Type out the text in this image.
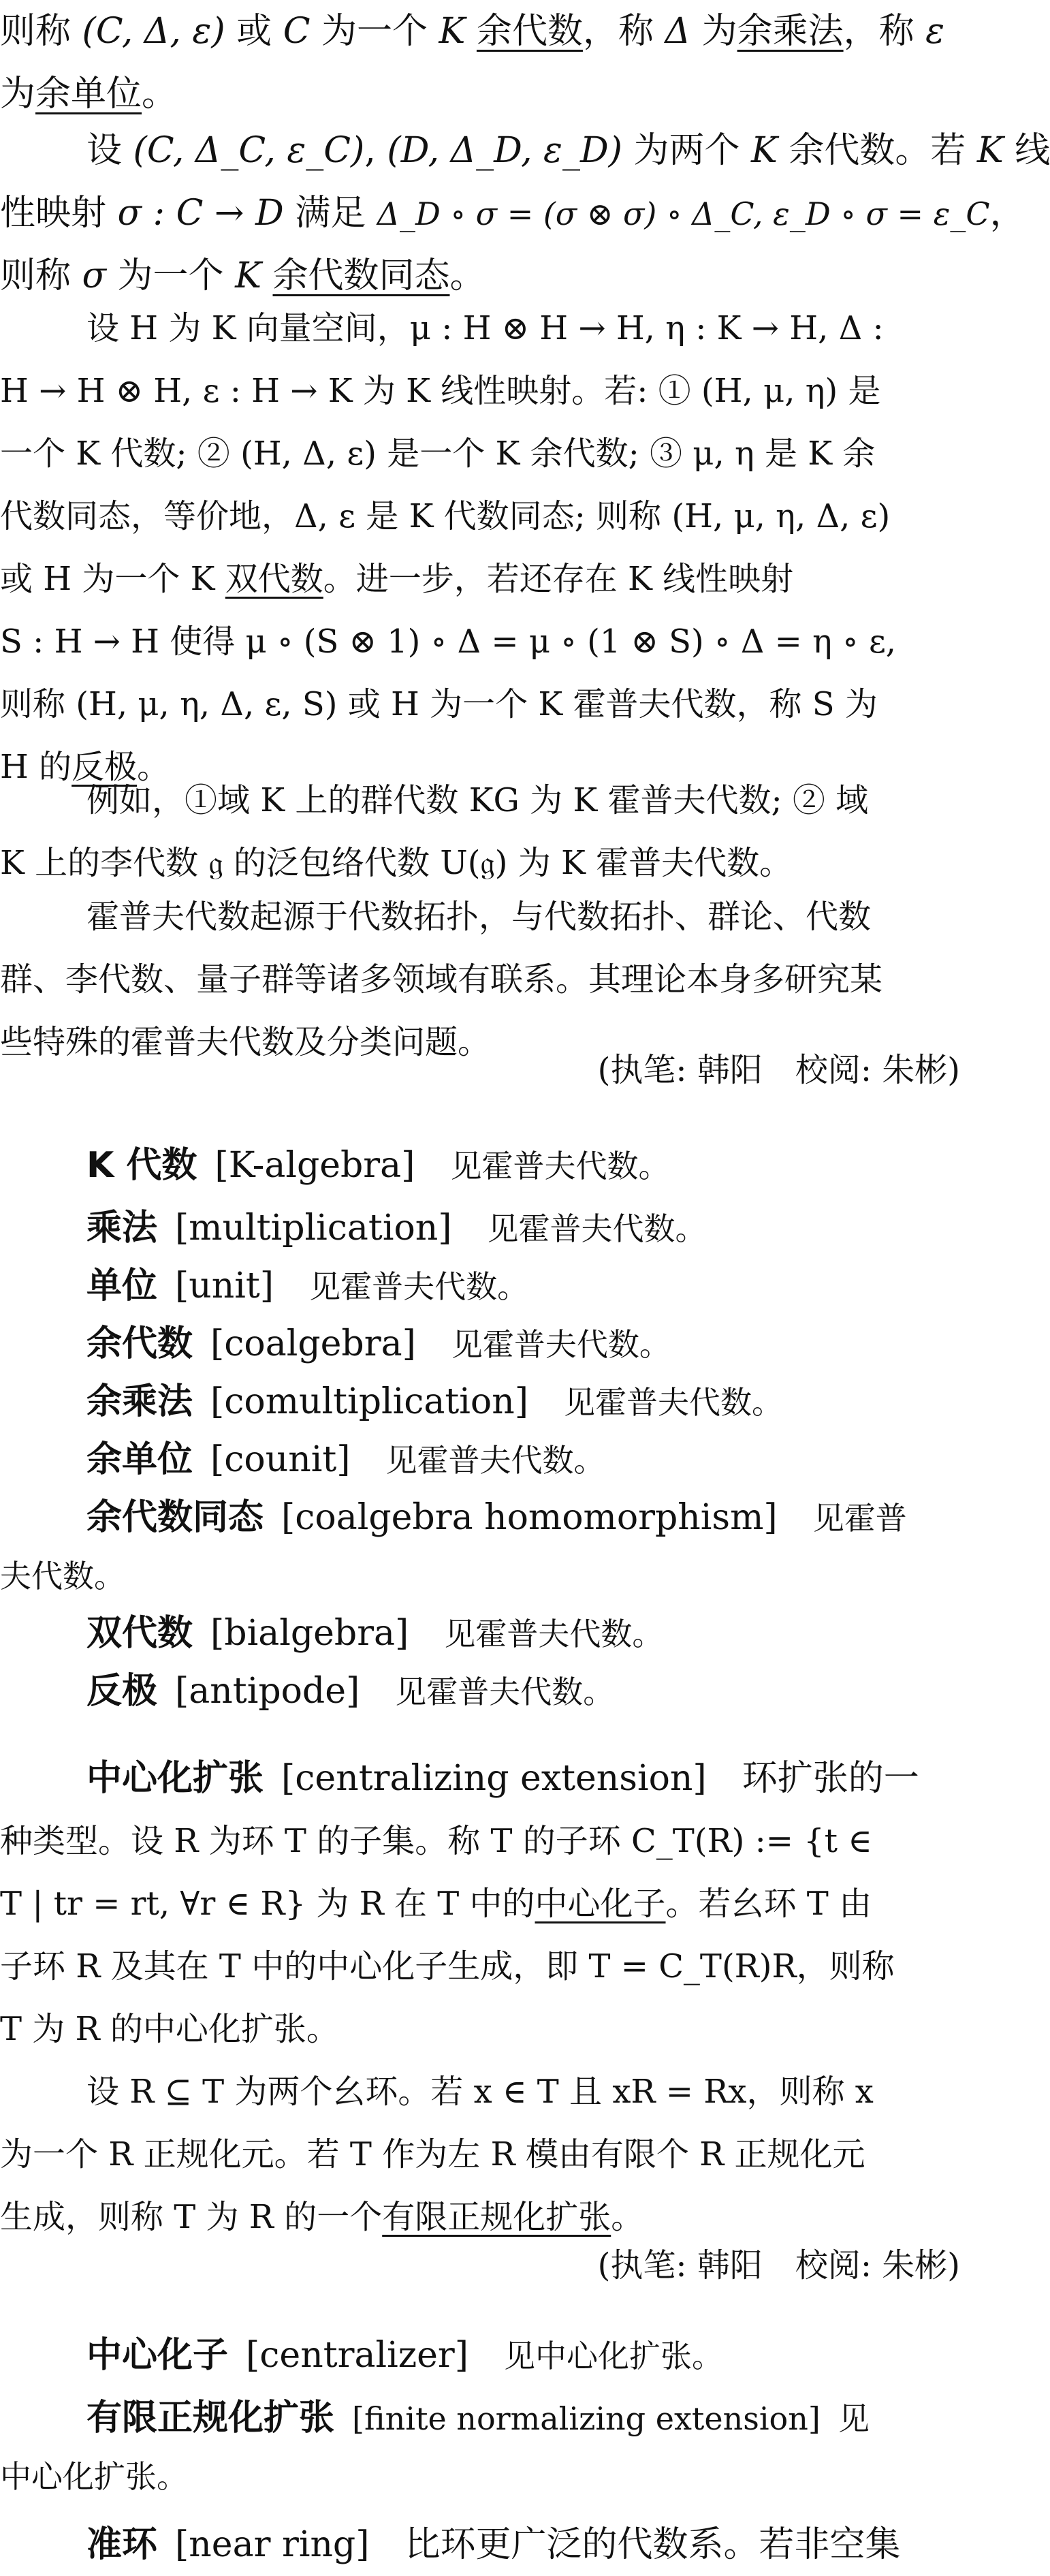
则称 (C, Δ, ε) 或 C 为一个 K 余代数，称 Δ 为余乘法，称 ε
为余单位。
设 (C, Δ_C, ε_C), (D, Δ_D, ε_D) 为两个 K 余代数。若 K 线
性映射 σ : C → D 满足 Δ_D ∘ σ = (σ ⊗ σ) ∘ Δ_C, ε_D ∘ σ = ε_C，
则称 σ 为一个 K 余代数同态。
设 H 为 K 向量空间，μ : H ⊗ H → H, η : K → H, Δ :
H → H ⊗ H, ε : H → K 为 K 线性映射。若: ① (H, μ, η) 是
一个 K 代数; ② (H, Δ, ε) 是一个 K 余代数; ③ μ, η 是 K 余
代数同态，等价地，Δ, ε 是 K 代数同态; 则称 (H, μ, η, Δ, ε)
或 H 为一个 K 双代数。进一步，若还存在 K 线性映射
S : H → H 使得 μ ∘ (S ⊗ 1) ∘ Δ = μ ∘ (1 ⊗ S) ∘ Δ = η ∘ ε,
则称 (H, μ, η, Δ, ε, S) 或 H 为一个 K 霍普夫代数，称 S 为
H 的反极。
例如，①域 K 上的群代数 KG 为 K 霍普夫代数; ② 域
K 上的李代数 𝔤 的泛包络代数 U(𝔤) 为 K 霍普夫代数。
霍普夫代数起源于代数拓扑，与代数拓扑、群论、代数
群、李代数、量子群等诸多领域有联系。其理论本身多研究某
些特殊的霍普夫代数及分类问题。
(执笔: 韩阳　校阅: 朱彬)
K 代数 [K-algebra] 见霍普夫代数。
乘法 [multiplication] 见霍普夫代数。
单位 [unit] 见霍普夫代数。
余代数 [coalgebra] 见霍普夫代数。
余乘法 [comultiplication] 见霍普夫代数。
余单位 [counit] 见霍普夫代数。
余代数同态 [coalgebra homomorphism] 见霍普
夫代数。
双代数 [bialgebra] 见霍普夫代数。
反极 [antipode] 见霍普夫代数。
中心化扩张 [centralizing extension] 环扩张的一
种类型。设 R 为环 T 的子集。称 T 的子环 C_T(R) := {t ∈
T | tr = rt, ∀r ∈ R} 为 R 在 T 中的中心化子。若幺环 T 由
子环 R 及其在 T 中的中心化子生成，即 T = C_T(R)R，则称
T 为 R 的中心化扩张。
设 R ⊆ T 为两个幺环。若 x ∈ T 且 xR = Rx，则称 x
为一个 R 正规化元。若 T 作为左 R 模由有限个 R 正规化元
生成，则称 T 为 R 的一个有限正规化扩张。
(执笔: 韩阳　校阅: 朱彬)
中心化子 [centralizer] 见中心化扩张。
有限正规化扩张 [finite normalizing extension] 见
中心化扩张。
准环 [near ring] 比环更广泛的代数系。若非空集
